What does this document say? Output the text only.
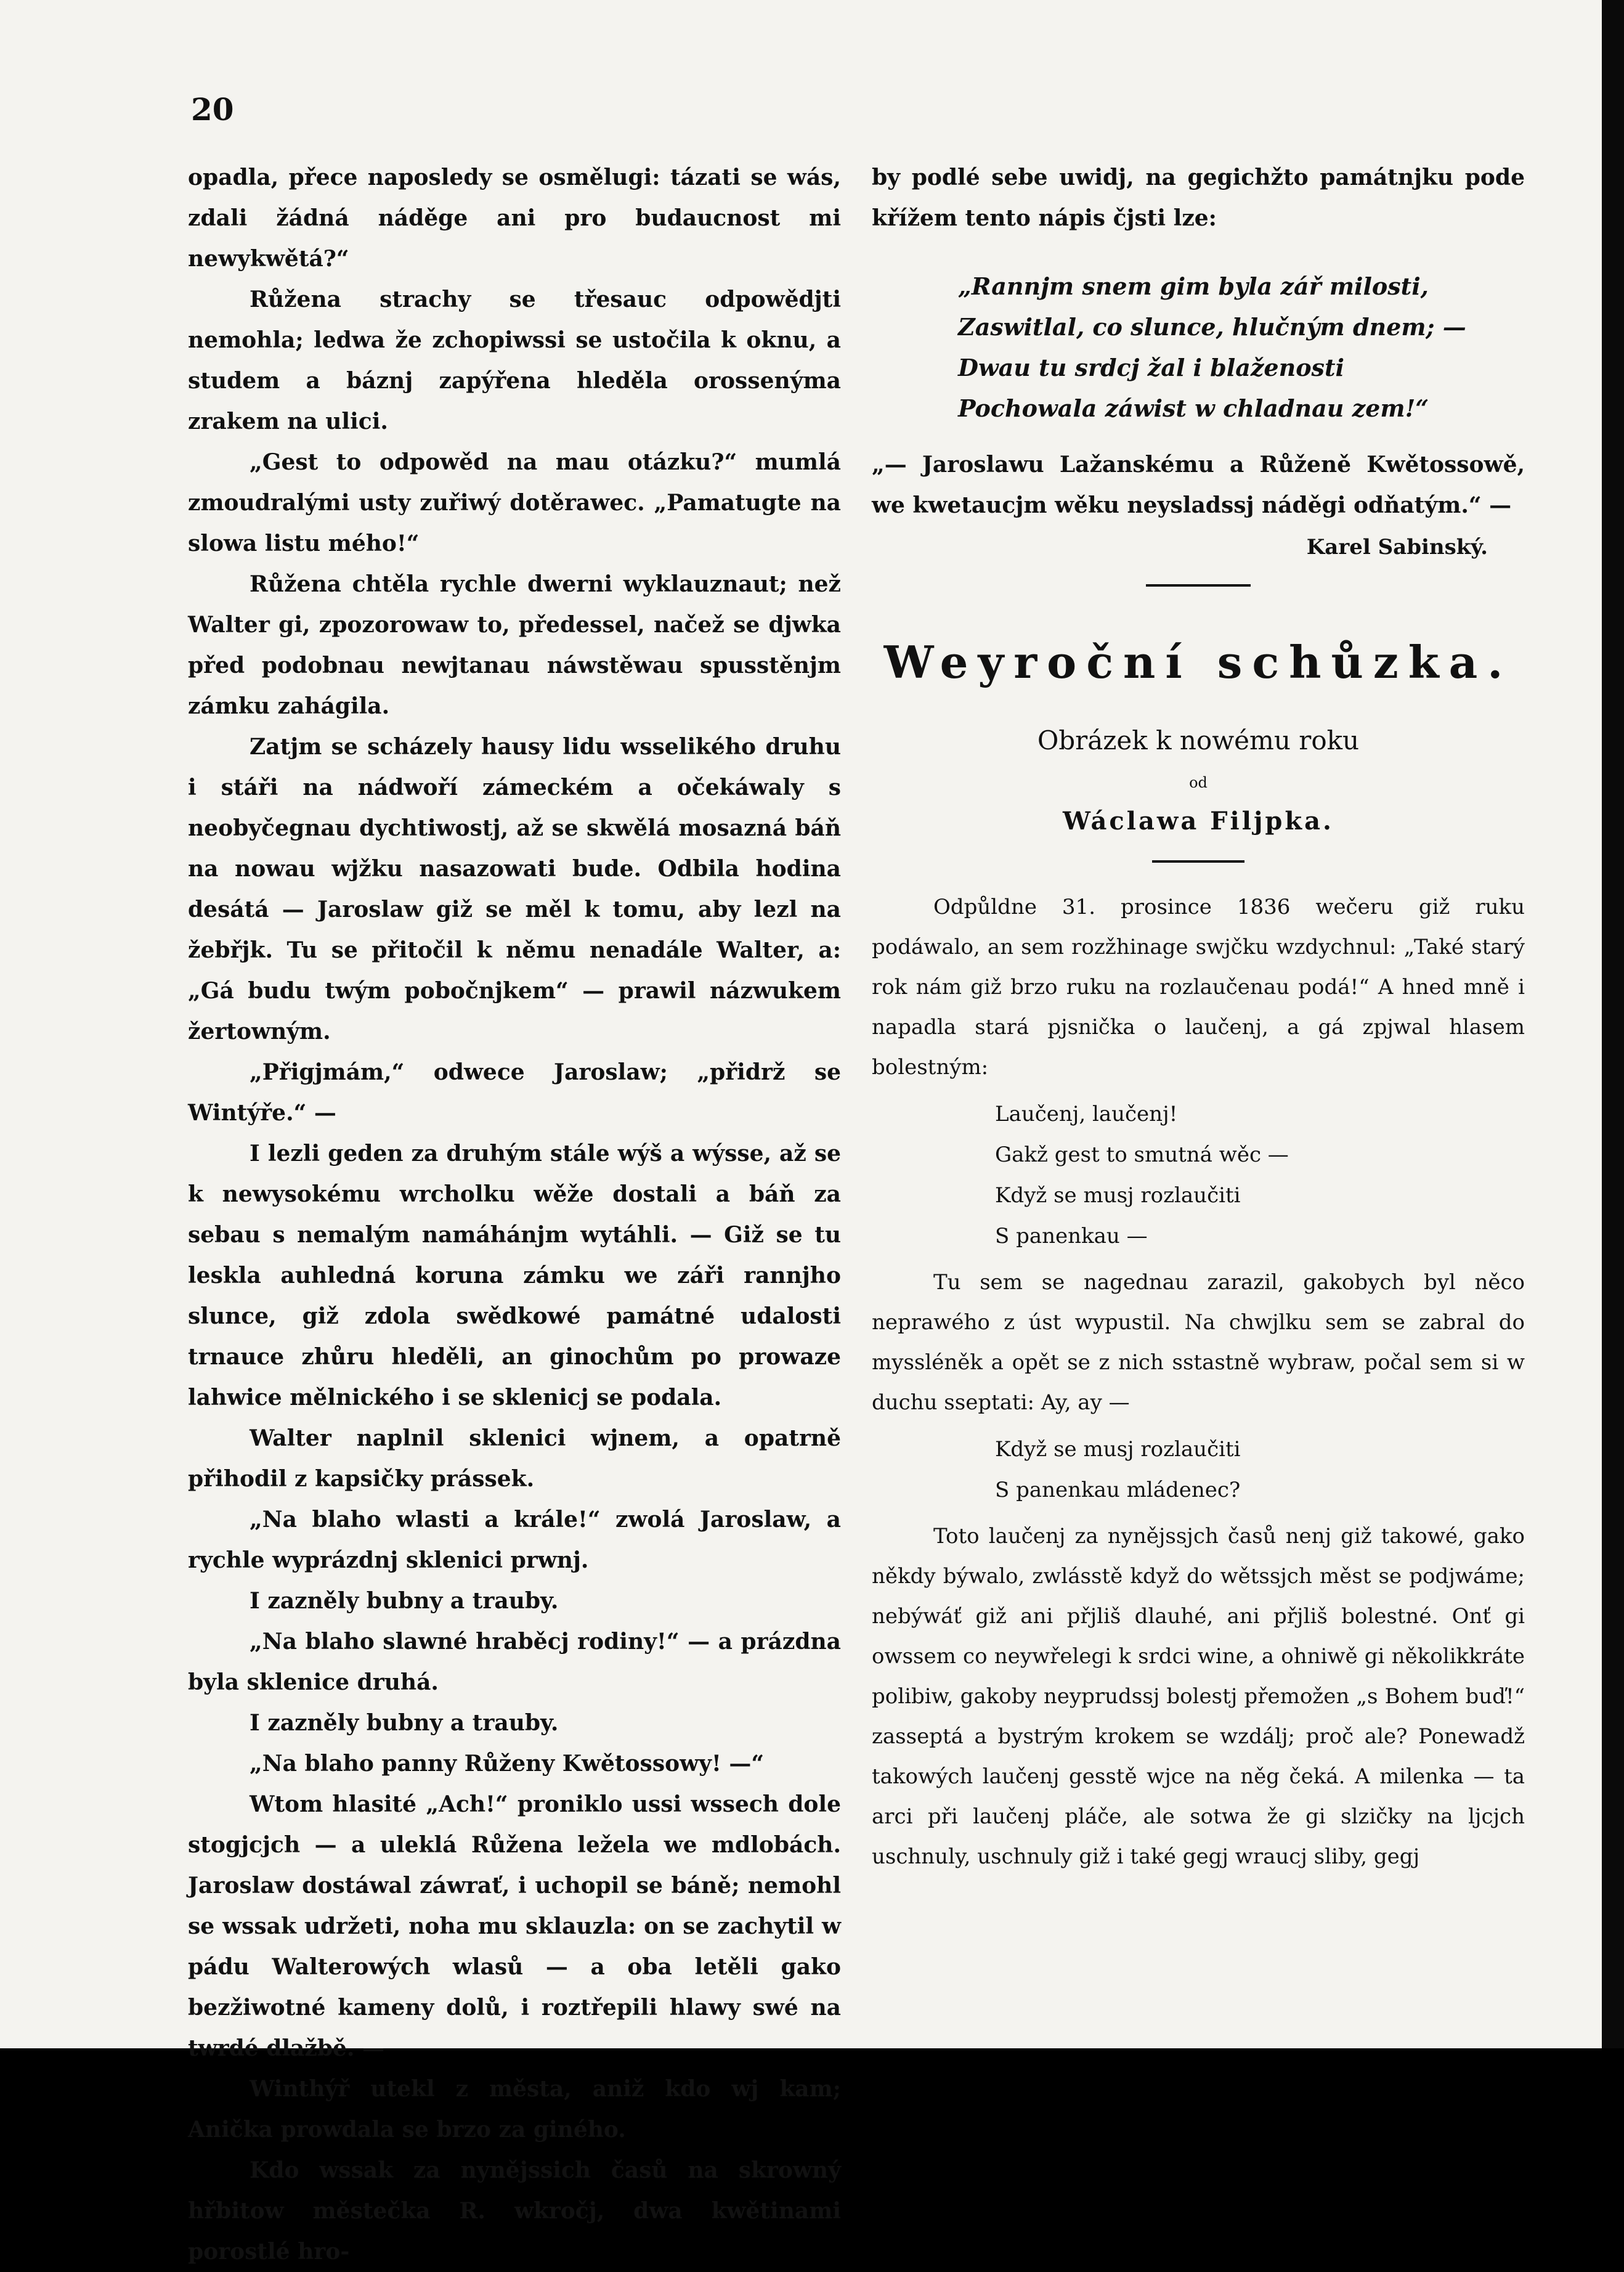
20

opadla, přece naposledy se osmělugi: tázati se wás, zdali žádná náděge ani pro budaucnost mi newykwětá?“

Růžena strachy se třesauc odpowědjti nemohla; ledwa že zchopiwssi se ustočila k oknu, a studem a báznj zapýřena hleděla orossenýma zrakem na ulici.

„Gest to odpowěd na mau otázku?“ mumlá zmoudralými usty zuřiwý dotěrawec. „Pamatugte na slowa listu mého!“

Růžena chtěla rychle dwerni wyklauznaut; než Walter gi, zpozorowaw to, předessel, načež se djwka před podobnau newjtanau náwstěwau spusstěnjm zámku zahágila.

Zatjm se scházely hausy lidu wsselikého druhu i stáři na nádwoří zámeckém a očekáwaly s neobyčegnau dychtiwostj, až se skwělá mosazná báň na nowau wjžku nasazowati bude. Odbila hodina desátá — Jaroslaw giž se měl k tomu, aby lezl na žebřjk. Tu se přitočil k němu nenadále Walter, a: „Gá budu twým pobočnjkem“ — prawil názwukem žertowným.

„Přigjmám,“ odwece Jaroslaw; „přidrž se Wintýře.“ —

I lezli geden za druhým stále wýš a wýsse, až se k newysokému wrcholku wěže dostali a báň za sebau s nemalým namáhánjm wytáhli. — Giž se tu leskla auhledná koruna zámku we záři rannjho slunce, giž zdola swědkowé památné udalosti trnauce zhůru hleděli, an ginochům po prowaze lahwice mělnického i se sklenicj se podala.

Walter naplnil sklenici wjnem, a opatrně přihodil z kapsičky prássek.

„Na blaho wlasti a krále!“ zwolá Jaroslaw, a rychle wyprázdnj sklenici prwnj.

I zazněly bubny a trauby.

„Na blaho slawné hraběcj rodiny!“ — a prázdna byla sklenice druhá.

I zazněly bubny a trauby.

„Na blaho panny Růženy Kwětossowy! —“

Wtom hlasité „Ach!“ proniklo ussi wssech dole stogjcjch — a uleklá Růžena ležela we mdlobách. Jaroslaw dostáwal záwrať, i uchopil se báně; nemohl se wssak udržeti, noha mu sklauzla: on se zachytil w pádu Walterowých wlasů — a oba letěli gako bezžiwotné kameny dolů, i roztřepili hlawy swé na twrdé dlažbě. —

Winthýř utekl z města, aniž kdo wj kam; Anička prowdala se brzo za giného.

Kdo wssak za nynějssich časů na skrowný hřbitow městečka R. wkročj, dwa kwětinami porostlé hro-

by podlé sebe uwidj, na gegichžto památnjku pode křížem tento nápis čjsti lze:

„Rannjm snem gim byla zář milosti,
Zaswitlal, co slunce, hlučným dnem; —
Dwau tu srdcj žal i blaženosti
Pochowala záwist w chladnau zem!“

„— Jaroslawu Lažanskému a Růženě Kwětossowě, we kwetaucjm wěku neysladssj náděgi odňatým.“ —

Karel Sabinský.
Weyroční schůzka.
Obrázek k nowému roku
od
Wáclawa Filjpka.

Odpůldne 31. prosince 1836 wečeru giž ruku podáwalo, an sem rozžhinage swjčku wzdychnul: „Také starý rok nám giž brzo ruku na rozlaučenau podá!“ A hned mně i napadla stará pjsnička o laučenj, a gá zpjwal hlasem bolestným:

Laučenj, laučenj!
Gakž gest to smutná wěc —
Když se musj rozlaučiti
S panenkau —

Tu sem se nagednau zarazil, gakobych byl něco neprawého z úst wypustil. Na chwjlku sem se zabral do myssléněk a opět se z nich sstastně wybraw, počal sem si w duchu sseptati: Ay, ay —

Když se musj rozlaučiti
S panenkau mládenec?

Toto laučenj za nynějssjch časů nenj giž takowé, gako někdy býwalo, zwlásstě když do wětssjch měst se podjwáme; nebýwáť giž ani přjliš dlauhé, ani přjliš bolestné. Onť gi owssem co neywřelegi k srdci wine, a ohniwě gi několikkráte polibiw, gakoby neyprudssj bolestj přemožen „s Bohem buď!“ zasseptá a bystrým krokem se wzdálj; proč ale? Ponewadž takowých laučenj gesstě wjce na něg čeká. A milenka — ta arci při laučenj pláče, ale sotwa že gi slzičky na ljcjch uschnuly, uschnuly giž i také gegj wraucj sliby, gegj
